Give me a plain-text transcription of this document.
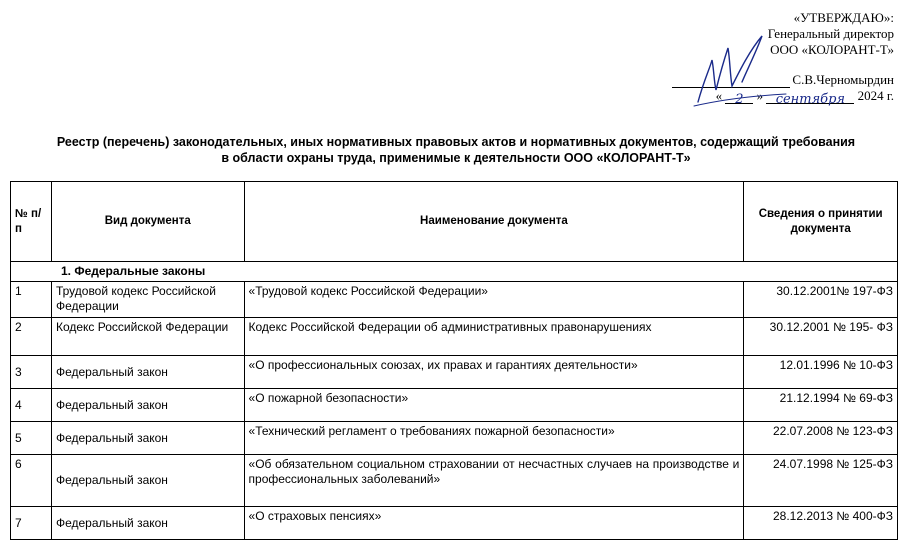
«УТВЕРЖДАЮ»:
Генеральный директор
ООО «КОЛОРАНТ-Т»
С.В.Черномырдин
« 2 » сентября 2024 г.
Реестр (перечень) законодательных, иных нормативных правовых актов и нормативных документов, содержащий требования
в области охраны труда, применимые к деятельности ООО «КОЛОРАНТ-Т»
№ п/п	Вид документа	Наименование документа	Сведения о принятии документа
1. Федеральные законы			
1	Трудовой кодекс Российской Федерации	«Трудовой кодекс Российской Федерации»	30.12.2001№ 197-ФЗ
2	Кодекс Российской Федерации	Кодекс Российской Федерации об административных правонарушениях	30.12.2001 № 195- ФЗ
3	Федеральный закон	«О профессиональных союзах, их правах и гарантиях деятельности»	12.01.1996 № 10-ФЗ
4	Федеральный закон	«О пожарной безопасности»	21.12.1994 № 69-ФЗ
5	Федеральный закон	«Технический регламент о требованиях пожарной безопасности»	22.07.2008 № 123-ФЗ
6	Федеральный закон	«Об обязательном социальном страховании от несчастных случаев на производстве и профессиональных заболеваний»	24.07.1998 № 125-ФЗ
7	Федеральный закон	«О страховых пенсиях»	28.12.2013 № 400-ФЗ
